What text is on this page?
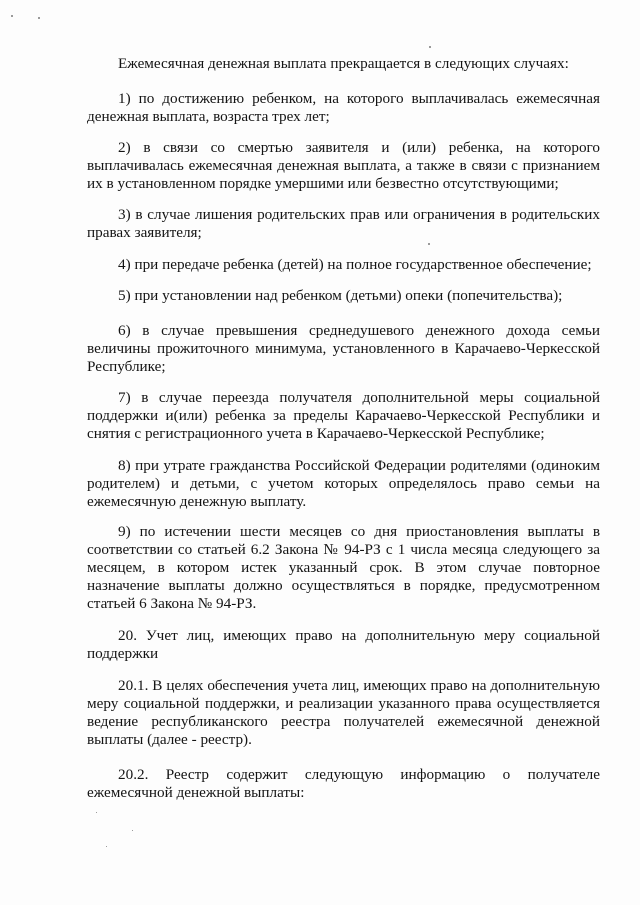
Ежемесячная денежная выплата прекращается в следующих случаях:

1) по достижению ребенком, на которого выплачивалась ежемесячная денежная выплата, возраста трех лет;

2) в связи со смертью заявителя и (или) ребенка, на которого выплачивалась ежемесячная денежная выплата, а также в связи с признанием их в установленном порядке умершими или безвестно отсутствующими;

3) в случае лишения родительских прав или ограничения в родительских правах заявителя;

4) при передаче ребенка (детей) на полное государственное обеспечение;

5) при установлении над ребенком (детьми) опеки (попечительства);

6) в случае превышения среднедушевого денежного дохода семьи величины прожиточного минимума, установленного в Карачаево-Черкесской Республике;

7) в случае переезда получателя дополнительной меры социальной поддержки и(или) ребенка за пределы Карачаево-Черкесской Республики и снятия с регистрационного учета в Карачаево-Черкесской Республике;

8) при утрате гражданства Российской Федерации родителями (одиноким родителем) и детьми, с учетом которых определялось право семьи на ежемесячную денежную выплату.

9) по истечении шести месяцев со дня приостановления выплаты в соответствии со статьей 6.2 Закона № 94-РЗ с 1 числа месяца следующего за месяцем, в котором истек указанный срок. В этом случае повторное назначение выплаты должно осуществляться в порядке, предусмотренном статьей 6 Закона № 94-РЗ.

20. Учет лиц, имеющих право на дополнительную меру социальной поддержки

20.1. В целях обеспечения учета лиц, имеющих право на дополнительную меру социальной поддержки, и реализации указанного права осуществляется ведение республиканского реестра получателей ежемесячной денежной выплаты (далее - реестр).

20.2. Реестр содержит следующую информацию о получателе ежемесячной денежной выплаты:
